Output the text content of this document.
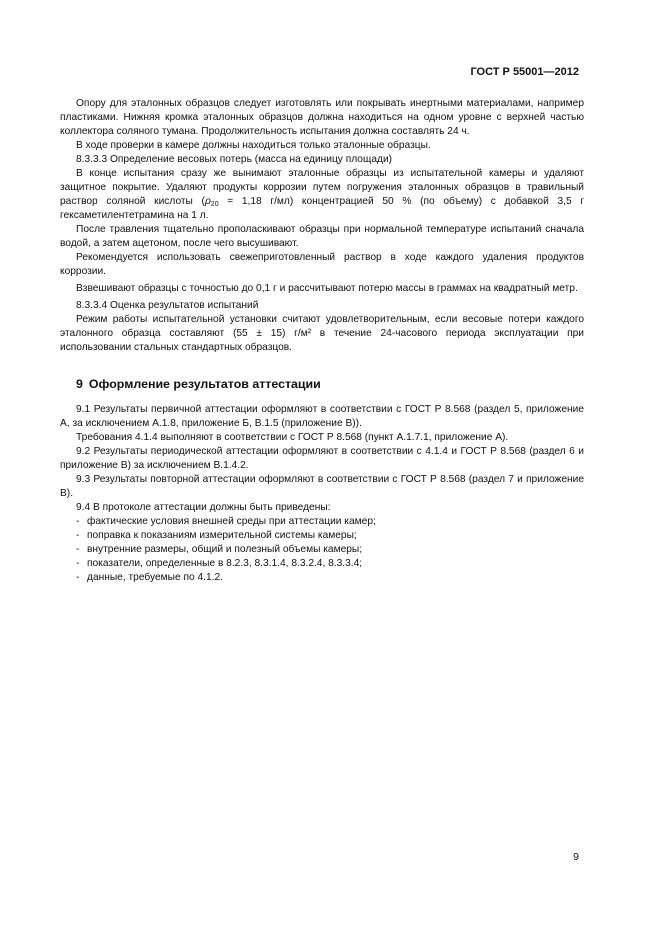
ГОСТ Р 55001—2012

Опору для эталонных образцов следует изготовлять или покрывать инертными материалами, например пластиками. Нижняя кромка эталонных образцов должна находиться на одном уровне с верхней частью коллектора соляного тумана. Продолжительность испытания должна составлять 24 ч.

В ходе проверки в камере должны находиться только эталонные образцы.

8.3.3.3 Определение весовых потерь (масса на единицу площади)

В конце испытания сразу же вынимают эталонные образцы из испытательной камеры и удаляют защитное покрытие. Удаляют продукты коррозии путем погружения эталонных образцов в травильный раствор соляной кислоты ($\rho_{20} = 1,18$ г/мл) концентрацией 50 % (по объему) с добавкой 3,5 г гексаметилентетрамина на 1 л.

После травления тщательно прополаскивают образцы при нормальной температуре испытаний сначала водой, а затем ацетоном, после чего высушивают.

Рекомендуется использовать свежеприготовленный раствор в ходе каждого удаления продуктов коррозии.

Взвешивают образцы с точностью до 0,1 г и рассчитывают потерю массы в граммах на квадратный метр.

8.3.3.4 Оценка результатов испытаний

Режим работы испытательной установки считают удовлетворительным, если весовые потери каждого эталонного образца составляют (55 ± 15) г/м² в течение 24-часового периода эксплуатации при использовании стальных стандартных образцов.

9 Оформление результатов аттестации

9.1 Результаты первичной аттестации оформляют в соответствии с ГОСТ Р 8.568 (раздел 5, приложение А, за исключением А.1.8, приложение Б, В.1.5 (приложение В)).

Требования 4.1.4 выполняют в соответствии с ГОСТ Р 8.568 (пункт А.1.7.1, приложение А).

9.2 Результаты периодической аттестации оформляют в соответствии с 4.1.4 и ГОСТ Р 8.568 (раздел 6 и приложение В) за исключением В.1.4.2.

9.3 Результаты повторной аттестации оформляют в соответствии с ГОСТ Р 8.568 (раздел 7 и приложение В).

9.4 В протоколе аттестации должны быть приведены:

- фактические условия внешней среды при аттестации камер;
- поправка к показаниям измерительной системы камеры;
- внутренние размеры, общий и полезный объемы камеры;
- показатели, определенные в 8.2.3, 8.3.1.4, 8.3.2.4, 8.3.3.4;
- данные, требуемые по 4.1.2.
9
